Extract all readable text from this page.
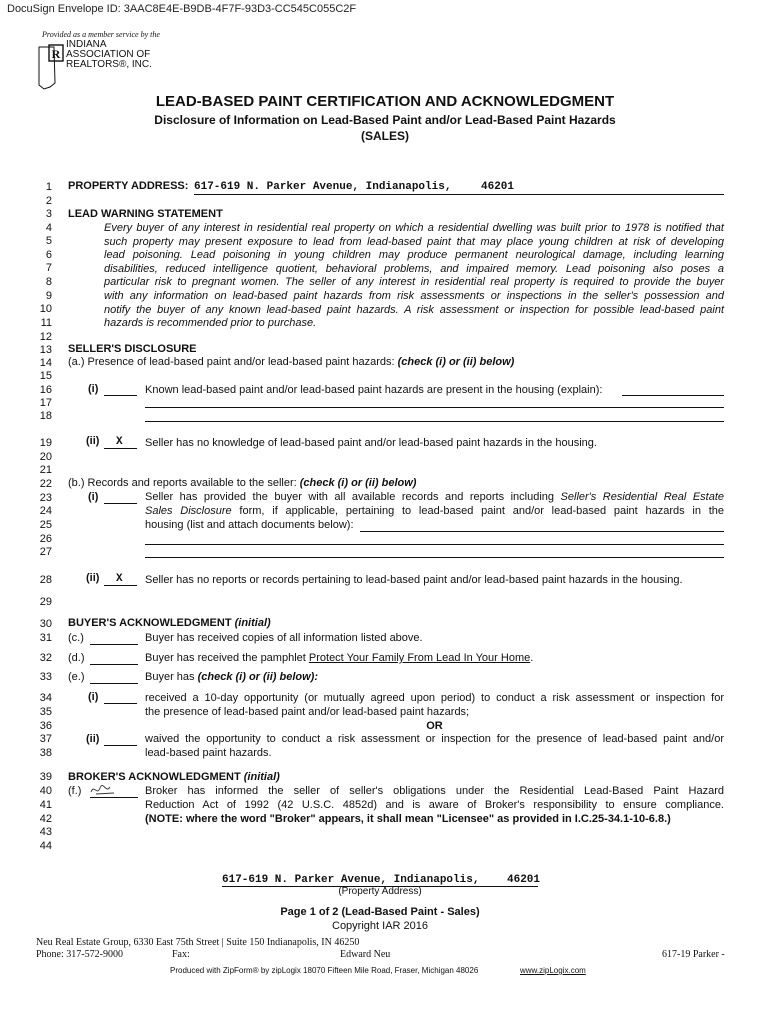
DocuSign Envelope ID: 3AAC8E4E-B9DB-4F7F-93D3-CC545C055C2F
Provided as a member service by the
R
INDIANA
ASSOCIATION OF
REALTORS®, INC.
LEAD-BASED PAINT CERTIFICATION AND ACKNOWLEDGMENT
Disclosure of Information on Lead-Based Paint and/or Lead-Based Paint Hazards
(SALES)
1
2
3
4
5
6
7
8
9
10
11
12
13
14
15
16
17
18
19
20
21
22
23
24
25
26
27
28
29
30
31
32
33
34
35
36
37
38
39
40
41
42
43
44
PROPERTY ADDRESS: 617-619 N. Parker Avenue, Indianapolis,	46201
LEAD WARNING STATEMENT
Every buyer of any interest in residential real property on which a residential dwelling was built prior to 1978 is notified that
such property may present exposure to lead from lead-based paint that may place young children at risk of developing
lead poisoning. Lead poisoning in young children may produce permanent neurological damage, including learning
disabilities, reduced intelligence quotient, behavioral problems, and impaired memory. Lead poisoning also poses a
particular risk to pregnant women. The seller of any interest in residential real property is required to provide the buyer
with any information on lead-based paint hazards from risk assessments or inspections in the seller's possession and
notify the buyer of any known lead-based paint hazards. A risk assessment or inspection for possible lead-based paint
hazards is recommended prior to purchase.
SELLER'S DISCLOSURE
(a.) Presence of lead-based paint and/or lead-based paint hazards: (check (i) or (ii) below)
(i)	Known lead-based paint and/or lead-based paint hazards are present in the housing (explain):
(ii) X Seller has no knowledge of lead-based paint and/or lead-based paint hazards in the housing.
(b.) Records and reports available to the seller: (check (i) or (ii) below)
(i)	Seller has provided the buyer with all available records and reports including Seller's Residential Real Estate
Sales Disclosure form, if applicable, pertaining to lead-based paint and/or lead-based paint hazards in the
housing (list and attach documents below):
(ii) X Seller has no reports or records pertaining to lead-based paint and/or lead-based paint hazards in the housing.
BUYER'S ACKNOWLEDGMENT (initial)
(c.)	Buyer has received copies of all information listed above.
(d.)	Buyer has received the pamphlet Protect Your Family From Lead In Your Home.
(e.)	Buyer has (check (i) or (ii) below):
(i)	received a 10-day opportunity (or mutually agreed upon period) to conduct a risk assessment or inspection for
the presence of lead-based paint and/or lead-based paint hazards;
OR
(ii)	waived the opportunity to conduct a risk assessment or inspection for the presence of lead-based paint and/or
lead-based paint hazards.
BROKER'S ACKNOWLEDGMENT (initial)
(f.)	Broker has informed the seller of seller's obligations under the Residential Lead-Based Paint Hazard
Reduction Act of 1992 (42 U.S.C. 4852d) and is aware of Broker's responsibility to ensure compliance.
(NOTE: where the word "Broker" appears, it shall mean "Licensee" as provided in I.C.25-34.1-10-6.8.)
617-619 N. Parker Avenue, Indianapolis,	46201
(Property Address)
Page 1 of 2 (Lead-Based Paint - Sales)
Copyright IAR 2016
Neu Real Estate Group, 6330 East 75th Street | Suite 150 Indianapolis, IN 46250
Phone: 317-572-9000	Fax:	Edward Neu	617-19 Parker -
Produced with ZipForm® by zipLogix 18070 Fifteen Mile Road, Fraser, Michigan 48026	www.zipLogix.com
